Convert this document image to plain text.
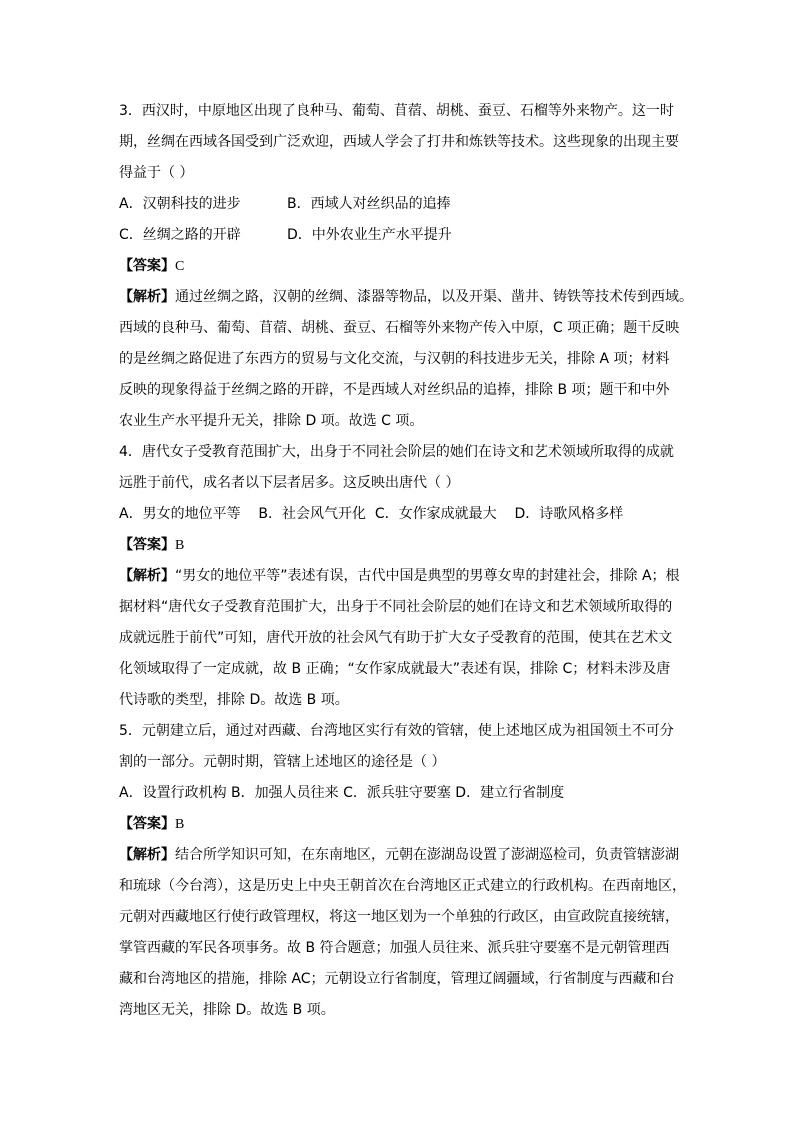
3．西汉时，中原地区出现了良种马、葡萄、苜蓿、胡桃、蚕豆、石榴等外来物产。这一时
期，丝绸在西域各国受到广泛欢迎，西域人学会了打井和炼铁等技术。这些现象的出现主要
得益于（ ）
A．汉朝科技的进步	B．西域人对丝织品的追捧
C．丝绸之路的开辟	D．中外农业生产水平提升
【答案】C
【解析】通过丝绸之路，汉朝的丝绸、漆器等物品，以及开渠、凿井、铸铁等技术传到西域。
西域的良种马、葡萄、苜蓿、胡桃、蚕豆、石榴等外来物产传入中原，C 项正确；题干反映
的是丝绸之路促进了东西方的贸易与文化交流，与汉朝的科技进步无关，排除 A 项；材料
反映的现象得益于丝绸之路的开辟，不是西域人对丝织品的追捧，排除 B 项；题干和中外
农业生产水平提升无关，排除 D 项。故选 C 项。
4．唐代女子受教育范围扩大，出身于不同社会阶层的她们在诗文和艺术领域所取得的成就
远胜于前代，成名者以下层者居多。这反映出唐代（ ）
A．男女的地位平等    B．社会风气开化  C．女作家成就最大    D．诗歌风格多样
【答案】B
【解析】“男女的地位平等”表述有误，古代中国是典型的男尊女卑的封建社会，排除 A；根
据材料“唐代女子受教育范围扩大，出身于不同社会阶层的她们在诗文和艺术领域所取得的
成就远胜于前代”可知，唐代开放的社会风气有助于扩大女子受教育的范围，使其在艺术文
化领域取得了一定成就，故 B 正确；“女作家成就最大”表述有误，排除 C；材料未涉及唐
代诗歌的类型，排除 D。故选 B 项。
5．元朝建立后，通过对西藏、台湾地区实行有效的管辖，使上述地区成为祖国领土不可分
割的一部分。元朝时期，管辖上述地区的途径是（ ）
A．设置行政机构 B．加强人员往来 C．派兵驻守要塞 D．建立行省制度
【答案】B
【解析】结合所学知识可知，在东南地区，元朝在澎湖岛设置了澎湖巡检司，负责管辖澎湖
和琉球（今台湾），这是历史上中央王朝首次在台湾地区正式建立的行政机构。在西南地区，
元朝对西藏地区行使行政管理权，将这一地区划为一个单独的行政区，由宣政院直接统辖，
掌管西藏的军民各项事务。故 B 符合题意；加强人员往来、派兵驻守要塞不是元朝管理西
藏和台湾地区的措施，排除 AC；元朝设立行省制度，管理辽阔疆域，行省制度与西藏和台
湾地区无关，排除 D。故选 B 项。
